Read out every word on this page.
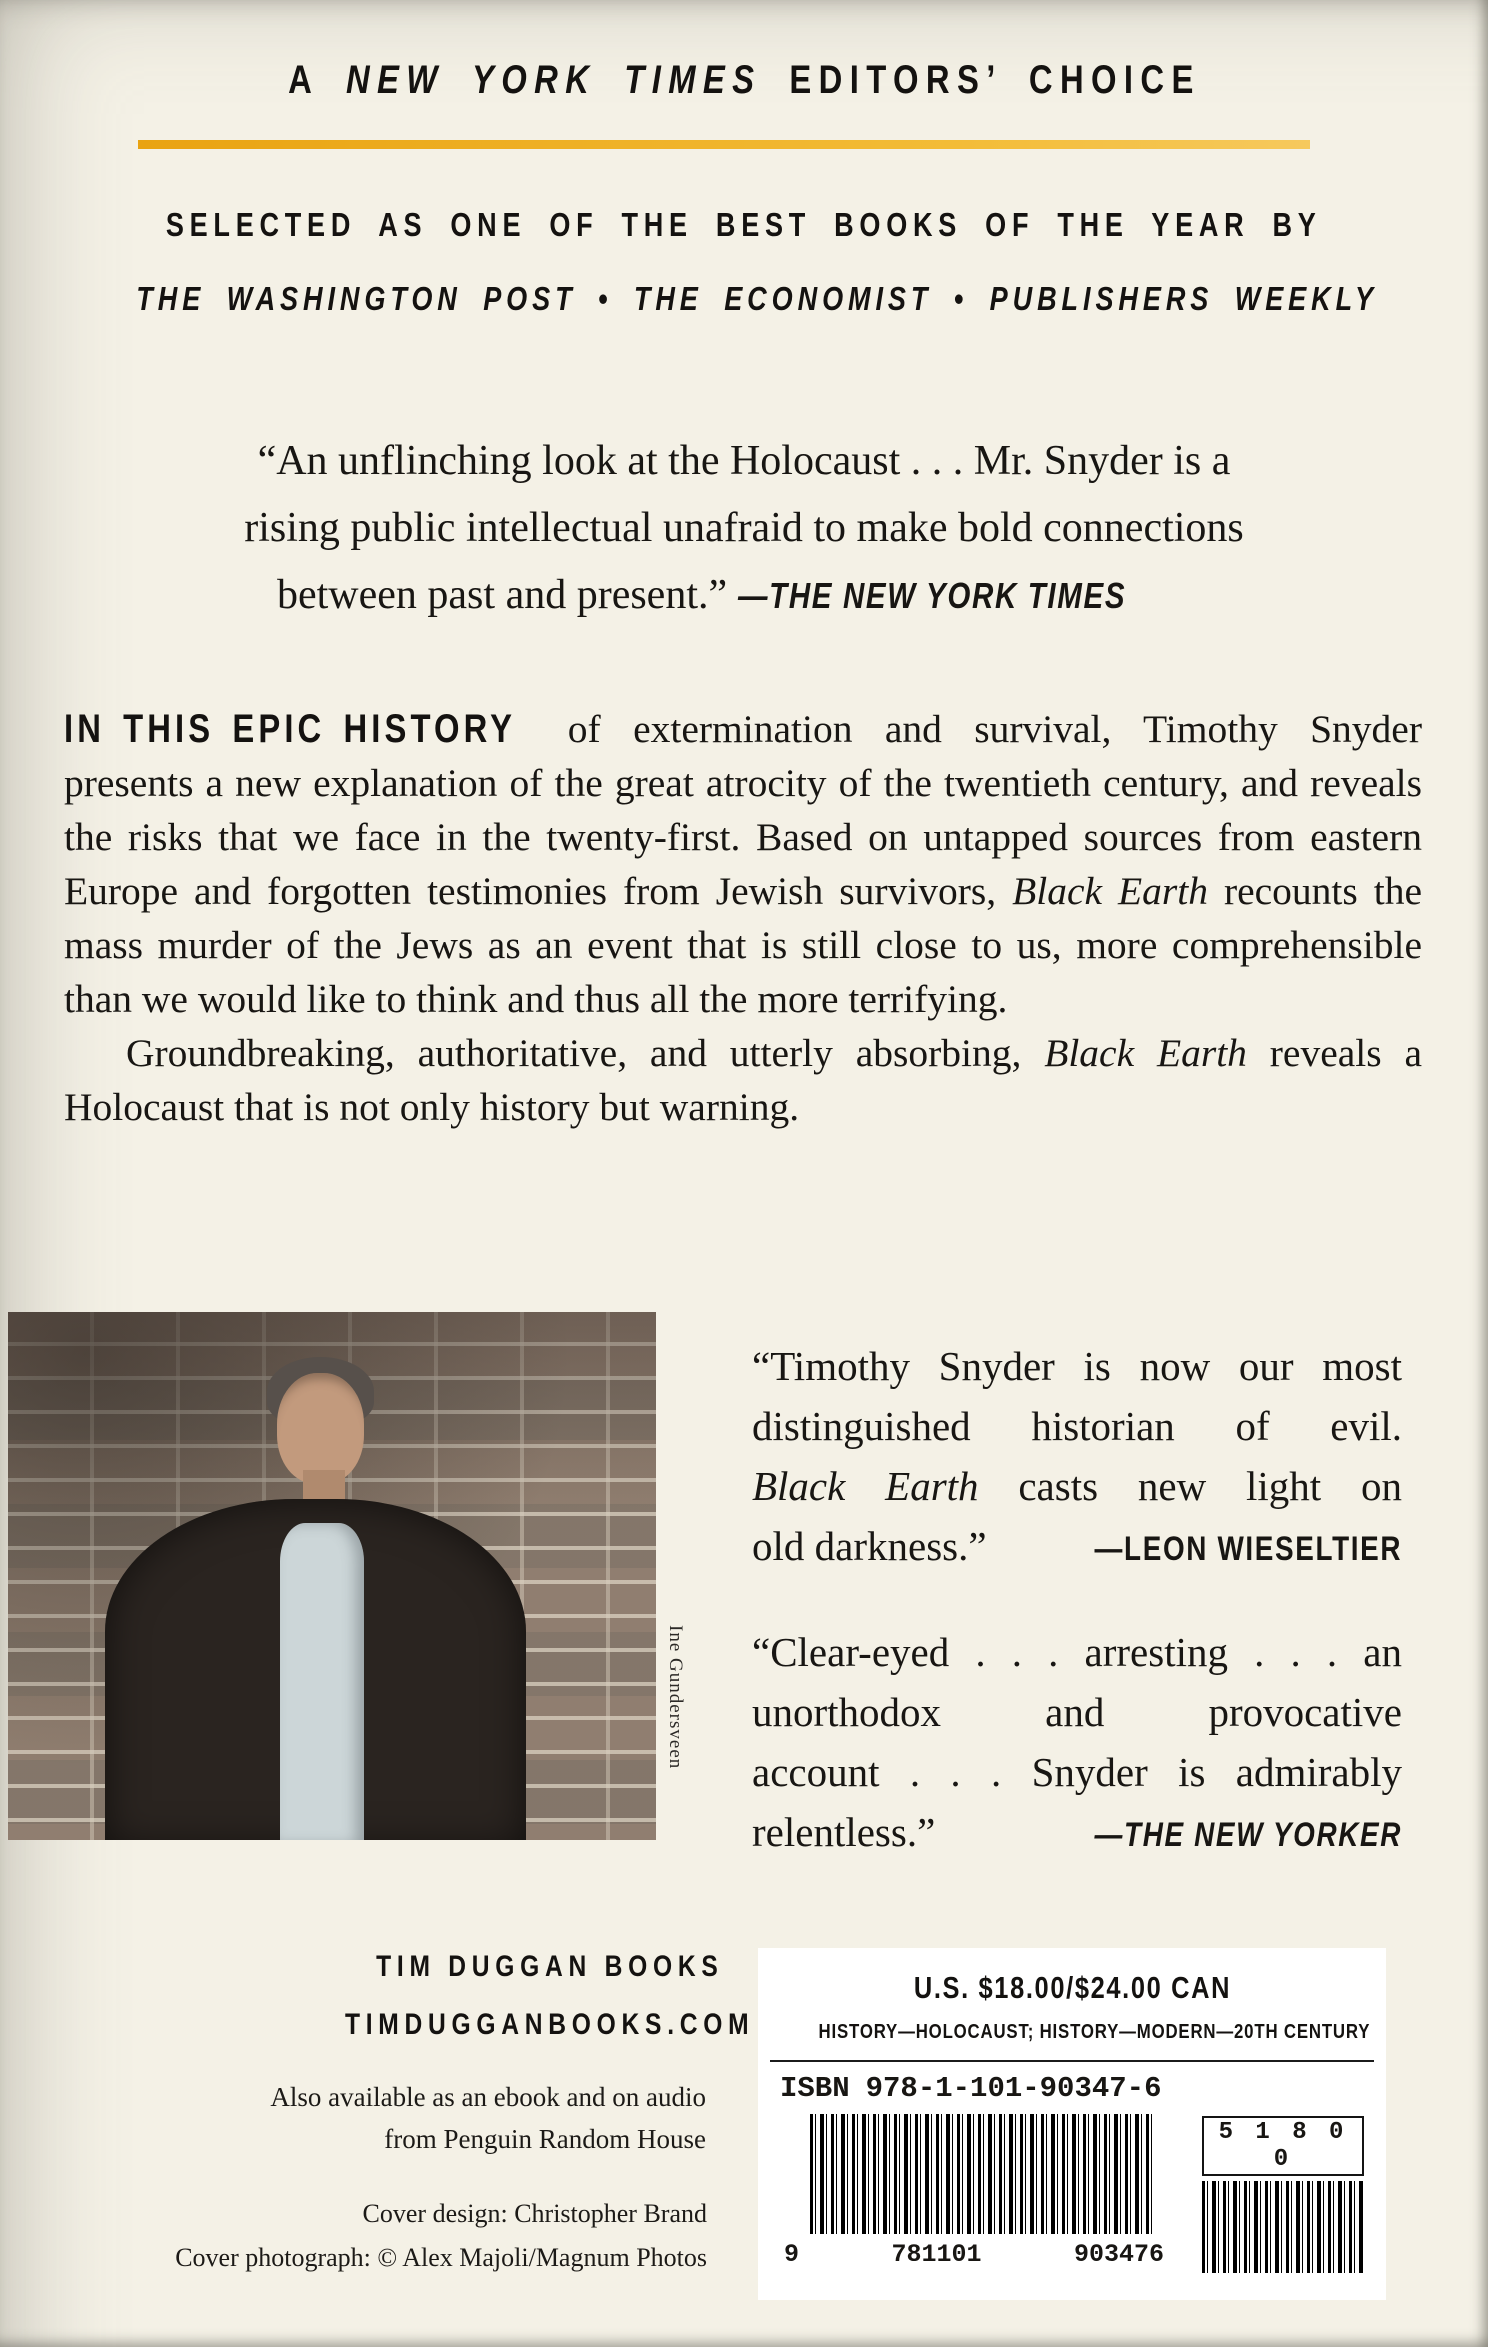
A NEW YORK TIMES EDITORS’ CHOICE
SELECTED AS ONE OF THE BEST BOOKS OF THE YEAR BY
THE WASHINGTON POST • THE ECONOMIST • PUBLISHERS WEEKLY
“An unflinching look at the Holocaust . . . Mr. Snyder is a
rising public intellectual unafraid to make bold connections
between past and present.” —THE NEW YORK TIMES

IN THIS EPIC HISTORY of extermination and survival, Timothy Snyder presents a new explanation of the great atrocity of the twentieth century, and reveals the risks that we face in the twenty-first. Based on untapped sources from eastern Europe and forgotten testimonies from Jewish survivors, Black Earth recounts the mass murder of the Jews as an event that is still close to us, more comprehensible than we would like to think and thus all the more terrifying.

Groundbreaking, authoritative, and utterly absorbing, Black Earth reveals a Holocaust that is not only history but warning.

Ine Gundersveen
“Timothy Snyder is now our most
distinguished historian of evil.
Black Earth casts new light on
old darkness.”	—LEON WIESELTIER
“Clear-eyed . . . arresting . . . an
unorthodox and provocative
account . . . Snyder is admirably
relentless.”	—THE NEW YORKER
TIM DUGGAN BOOKS
TIMDUGGANBOOKS.COM
Also available as an ebook and on audio
from Penguin Random House
Cover design: Christopher Brand
Cover photograph: © Alex Majoli/Magnum Photos
U.S. $18.00/$24.00 CAN
HISTORY—HOLOCAUST; HISTORY—MODERN—20TH CENTURY
ISBN 978-1-101-90347-6
9	781101	903476
5 1 8 0 0
